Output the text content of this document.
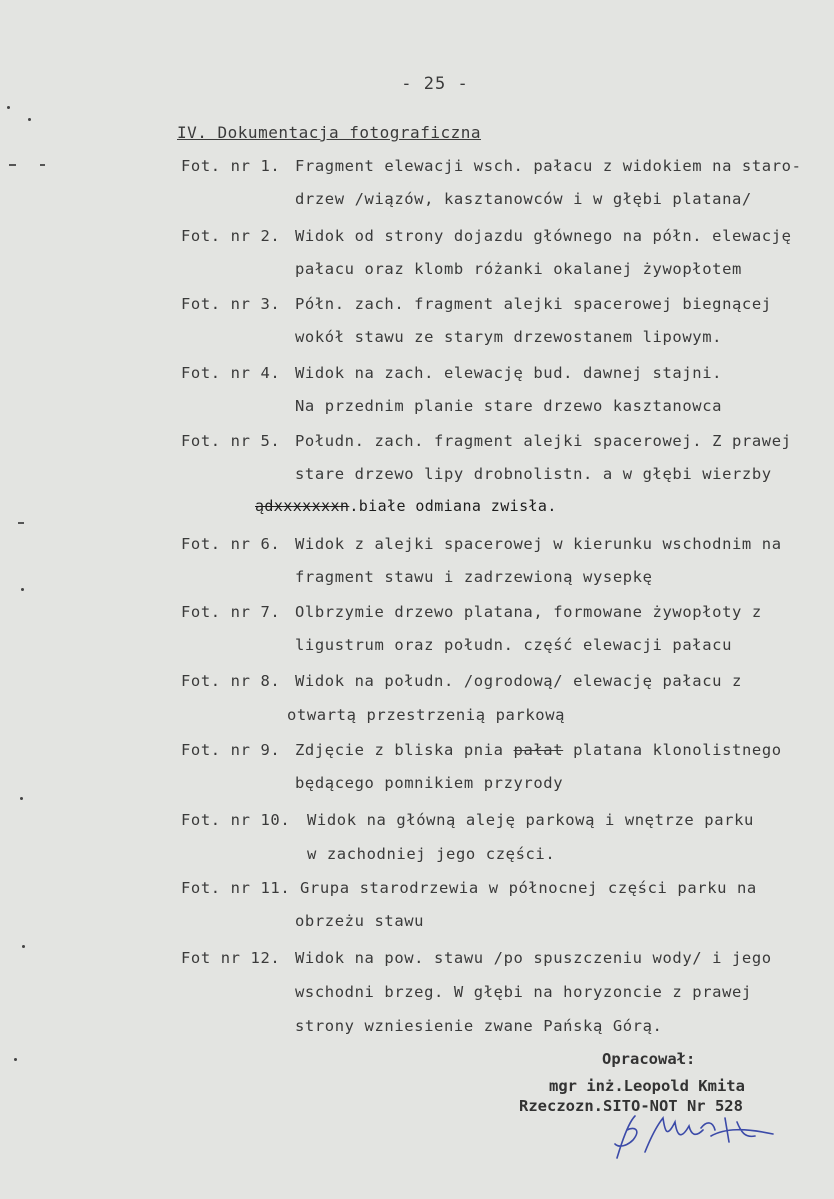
- 25 -
IV. Dokumentacja fotograficzna
Fot. nr 1. Fragment elewacji wsch. pałacu z widokiem na staro-
drzew /wiązów, kasztanowców i w głębi platana/
Fot. nr 2. Widok od strony dojazdu głównego na półn. elewację
pałacu oraz klomb różanki okalanej żywopłotem
Fot. nr 3. Półn. zach. fragment alejki spacerowej biegnącej
wokół stawu ze starym drzewostanem lipowym.
Fot. nr 4. Widok na zach. elewację bud. dawnej stajni.
Na przednim planie stare drzewo kasztanowca
Fot. nr 5. Połudn. zach. fragment alejki spacerowej. Z prawej
stare drzewo lipy drobnolistn. a w głębi wierzby
ądxxxxxxxn.białe odmiana zwisła.
Fot. nr 6. Widok z alejki spacerowej w kierunku wschodnim na
fragment stawu i zadrzewioną wysepkę
Fot. nr 7. Olbrzymie drzewo platana, formowane żywopłoty z
ligustrum oraz połudn. część elewacji pałacu
Fot. nr 8. Widok na połudn. /ogrodową/ elewację pałacu z
otwartą przestrzenią parkową
Fot. nr 9. Zdjęcie z bliska pnia pałat platana klonolistnego
będącego pomnikiem przyrody
Fot. nr 10. Widok na główną aleję parkową i wnętrze parku
w zachodniej jego części.
Fot. nr 11. Grupa starodrzewia w północnej części parku na
obrzeżu stawu
Fot nr 12. Widok na pow. stawu /po spuszczeniu wody/ i jego
wschodni brzeg. W głębi na horyzoncie z prawej
strony wzniesienie zwane Pańską Górą.
Opracował:
mgr inż.Leopold Kmita
Rzeczozn.SITO-NOT Nr 528
